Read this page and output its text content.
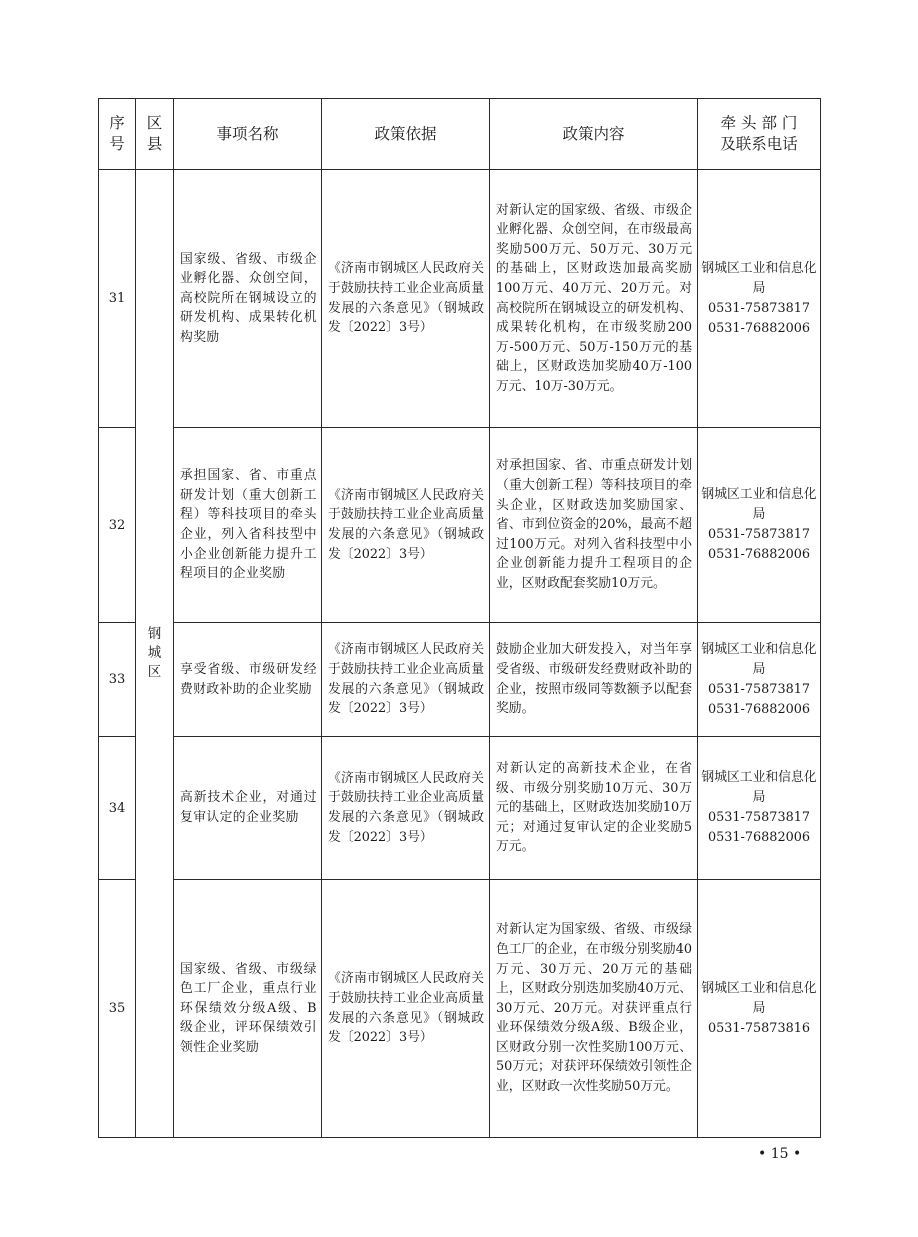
序号	区县	事项名称	政策依据	政策内容	牵 头 部 门
及联系电话

31	钢城区	国家级、省级、市级企业孵化器、众创空间，高校院所在钢城设立的研发机构、成果转化机构奖励	《济南市钢城区人民政府关于鼓励扶持工业企业高质量发展的六条意见》（钢城政发〔2022〕3号）	对新认定的国家级、省级、市级企业孵化器、众创空间，在市级最高奖励500万元、50万元、30万元的基础上，区财政迭加最高奖励100万元、40万元、20万元。对高校院所在钢城设立的研发机构、成果转化机构，在市级奖励200万-500万元、50万-150万元的基础上，区财政迭加奖励40万-100万元、10万-30万元。	钢城区工业和信息化局
0531-75873817
0531-76882006

32		承担国家、省、市重点研发计划（重大创新工程）等科技项目的牵头企业，列入省科技型中小企业创新能力提升工程项目的企业奖励	《济南市钢城区人民政府关于鼓励扶持工业企业高质量发展的六条意见》（钢城政发〔2022〕3号）	对承担国家、省、市重点研发计划（重大创新工程）等科技项目的牵头企业，区财政迭加奖励国家、省、市到位资金的20%，最高不超过100万元。对列入省科技型中小企业创新能力提升工程项目的企业，区财政配套奖励10万元。	钢城区工业和信息化局
0531-75873817
0531-76882006

33		享受省级、市级研发经费财政补助的企业奖励	《济南市钢城区人民政府关于鼓励扶持工业企业高质量发展的六条意见》（钢城政发〔2022〕3号）	鼓励企业加大研发投入，对当年享受省级、市级研发经费财政补助的企业，按照市级同等数额予以配套奖励。	钢城区工业和信息化局
0531-75873817
0531-76882006

34		高新技术企业，对通过复审认定的企业奖励	《济南市钢城区人民政府关于鼓励扶持工业企业高质量发展的六条意见》（钢城政发〔2022〕3号）	对新认定的高新技术企业，在省级、市级分别奖励10万元、30万元的基础上，区财政迭加奖励10万元；对通过复审认定的企业奖励5万元。	钢城区工业和信息化局
0531-75873817
0531-76882006

35		国家级、省级、市级绿色工厂企业，重点行业环保绩效分级A级、B级企业，评环保绩效引领性企业奖励	《济南市钢城区人民政府关于鼓励扶持工业企业高质量发展的六条意见》（钢城政发〔2022〕3号）	对新认定为国家级、省级、市级绿色工厂的企业，在市级分别奖励40万元、30万元、20万元的基础上，区财政分别迭加奖励40万元、30万元、20万元。对获评重点行业环保绩效分级A级、B级企业，区财政分别一次性奖励100万元、50万元；对获评环保绩效引领性企业，区财政一次性奖励50万元。	钢城区工业和信息化局
0531-75873816
• 15 •
